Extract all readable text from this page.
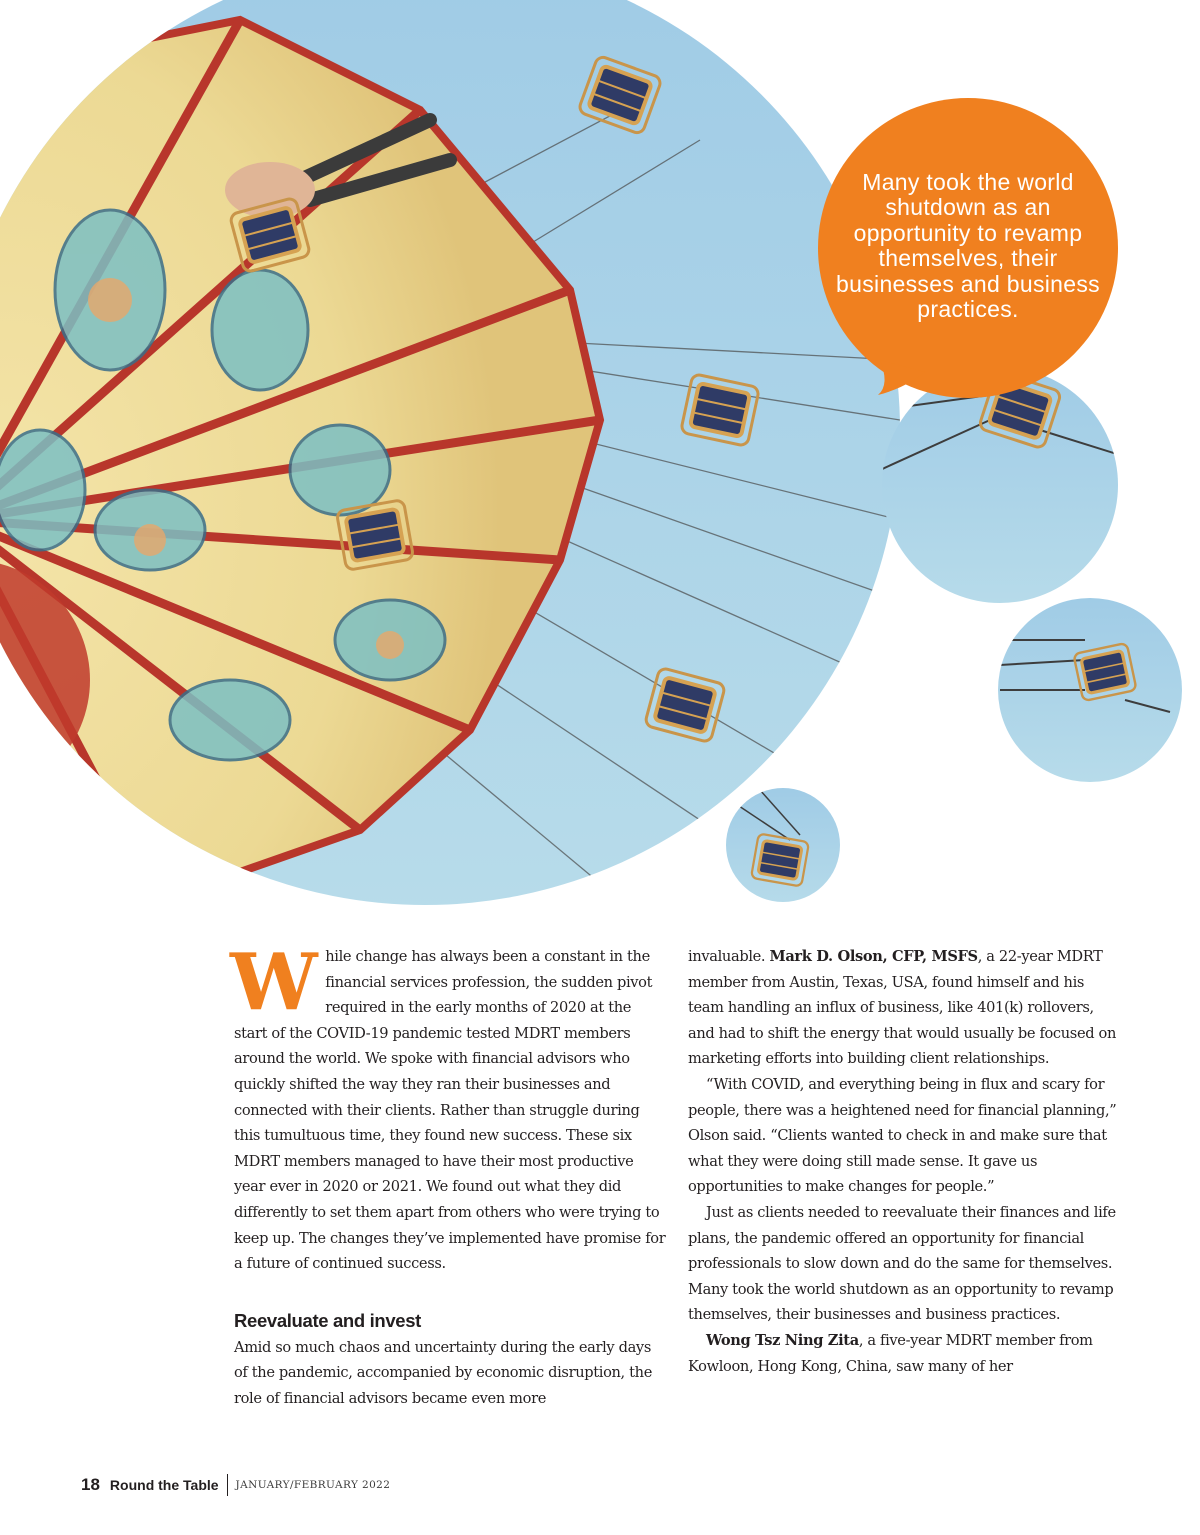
Many took the world shutdown as an opportunity to revamp themselves, their businesses and business practices.

While change has always been a constant in the financial services profession, the sudden pivot required in the early months of 2020 at the start of the COVID-19 pandemic tested MDRT members around the world. We spoke with financial advisors who quickly shifted the way they ran their businesses and connected with their clients. Rather than struggle during this tumultuous time, they found new success. These six MDRT members managed to have their most productive year ever in 2020 or 2021. We found out what they did differently to set them apart from others who were trying to keep up. The changes they’ve implemented have promise for a future of continued success.

Reevaluate and invest

Amid so much chaos and uncertainty during the early days of the pandemic, accompanied by economic disruption, the role of financial advisors became even more

invaluable. Mark D. Olson, CFP, MSFS, a 22-year MDRT member from Austin, Texas, USA, found himself and his team handling an influx of business, like 401(k) rollovers, and had to shift the energy that would usually be focused on marketing efforts into building client relationships.

“With COVID, and everything being in flux and scary for people, there was a heightened need for financial planning,” Olson said. “Clients wanted to check in and make sure that what they were doing still made sense. It gave us opportunities to make changes for people.”

Just as clients needed to reevaluate their finances and life plans, the pandemic offered an opportunity for financial professionals to slow down and do the same for themselves. Many took the world shutdown as an opportunity to revamp themselves, their businesses and business practices.

Wong Tsz Ning Zita, a five-year MDRT member from Kowloon, Hong Kong, China, saw many of her

18 Round the Table JANUARY/FEBRUARY 2022
